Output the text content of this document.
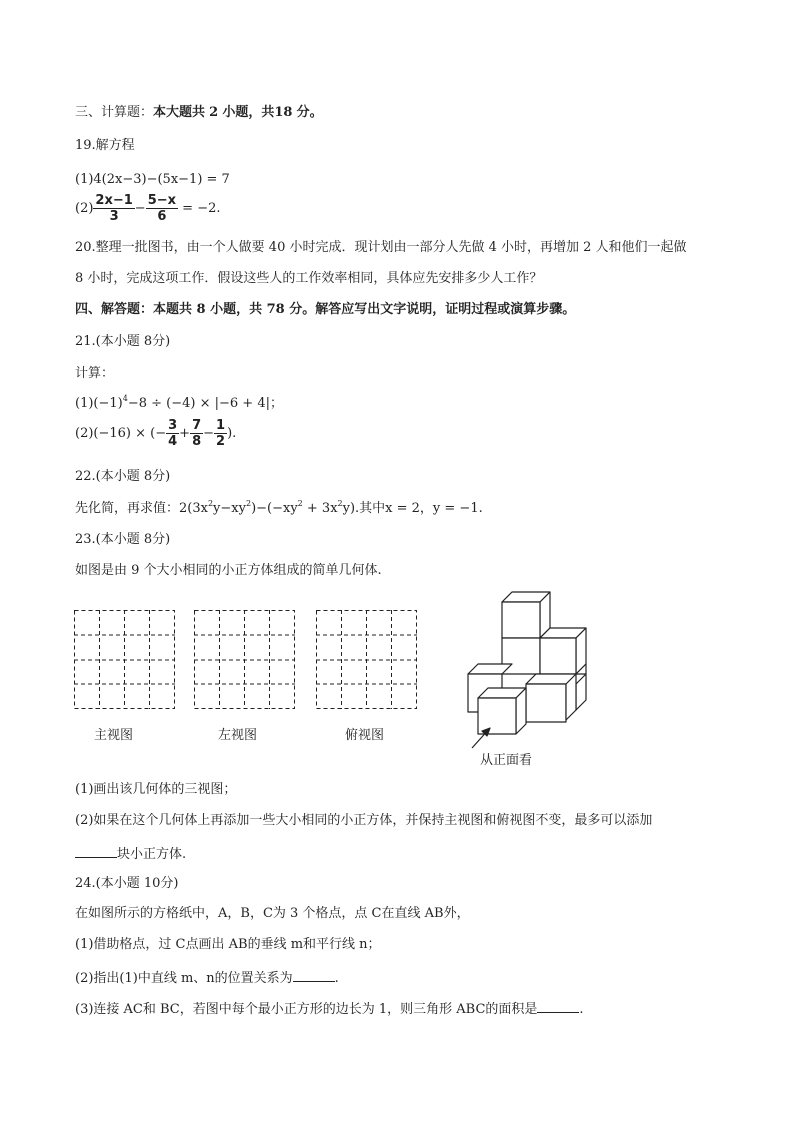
三、计算题：本大题共 2 小题，共18 分。
19.解方程
(1)4(2x−3)−(5x−1) = 7
$(2) \frac{2x-1}{3} - \frac{5-x}{6} = -2$.
20.整理一批图书，由一个人做要 40 小时完成．现计划由一部分人先做 4 小时，再增加 2 人和他们一起做
8 小时，完成这项工作．假设这些人的工作效率相同，具体应先安排多少人工作？
四、解答题：本题共 8 小题，共 78 分。解答应写出文字说明，证明过程或演算步骤。
21.(本小题 8分)
计算：
$(1)(-1)^4-8 \div (-4) \times |-6 + 4|$；
(2)(−16) × (− $\frac{3}{4} + \frac{7}{8} - \frac{1}{2}$ ).
22.(本小题 8分)
先化简，再求值：$2(3x^2y-xy^2)-(-xy^2 + 3x^2y)$.其中x = 2，y = −1.
23.(本小题 8分)
如图是由 9 个大小相同的小正方体组成的简单几何体.
主视图	左视图	俯视图
从正面看
(1)画出该几何体的三视图；
(2)如果在这个几何体上再添加一些大小相同的小正方体，并保持主视图和俯视图不变，最多可以添加
块小正方体.
24.(本小题 10分)
在如图所示的方格纸中，A，B，C为 3 个格点，点 C在直线 AB外，
(1)借助格点，过 C点画出 AB的垂线 m和平行线 n；
(2)指出(1)中直线 m、n的位置关系为	.
(3)连接 AC和 BC，若图中每个最小正方形的边长为 1，则三角形 ABC的面积是	.
